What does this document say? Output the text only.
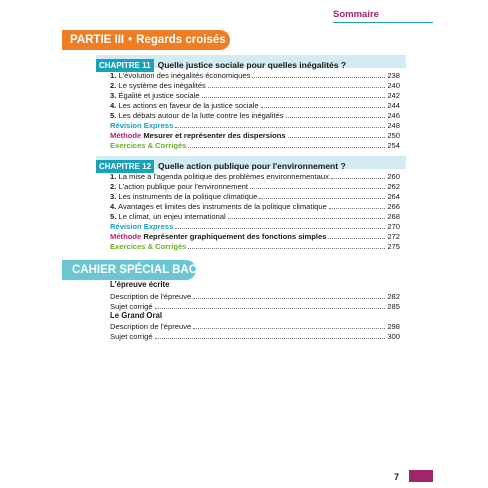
Sommaire
PARTIE III • Regards croisés
CHAPITRE 11 Quelle justice sociale pour quelles inégalités ?
1. L'évolution des inégalités économiques	238
2. Le système des inégalités	240
3. Égalité et justice sociale	242
4. Les actions en faveur de la justice sociale	244
5. Les débats autour de la lutte contre les inégalités	246
Révision Express	248
Méthode Mesurer et représenter des dispersions	250
Exercices & Corrigés	254
CHAPITRE 12 Quelle action publique pour l'environnement ?
1. La mise à l'agenda politique des problèmes environnementaux	260
2. L'action publique pour l'environnement	262
3. Les instruments de la politique climatique	264
4. Avantages et limites des instruments de la politique climatique	266
5. Le climat, un enjeu international	268
Révision Express	270
Méthode Représenter graphiquement des fonctions simples	272
Exercices & Corrigés	275
CAHIER SPÉCIAL BAC
L'épreuve écrite
Description de l'épreuve	282
Sujet corrigé	285
Le Grand Oral
Description de l'épreuve	298
Sujet corrigé	300
7
